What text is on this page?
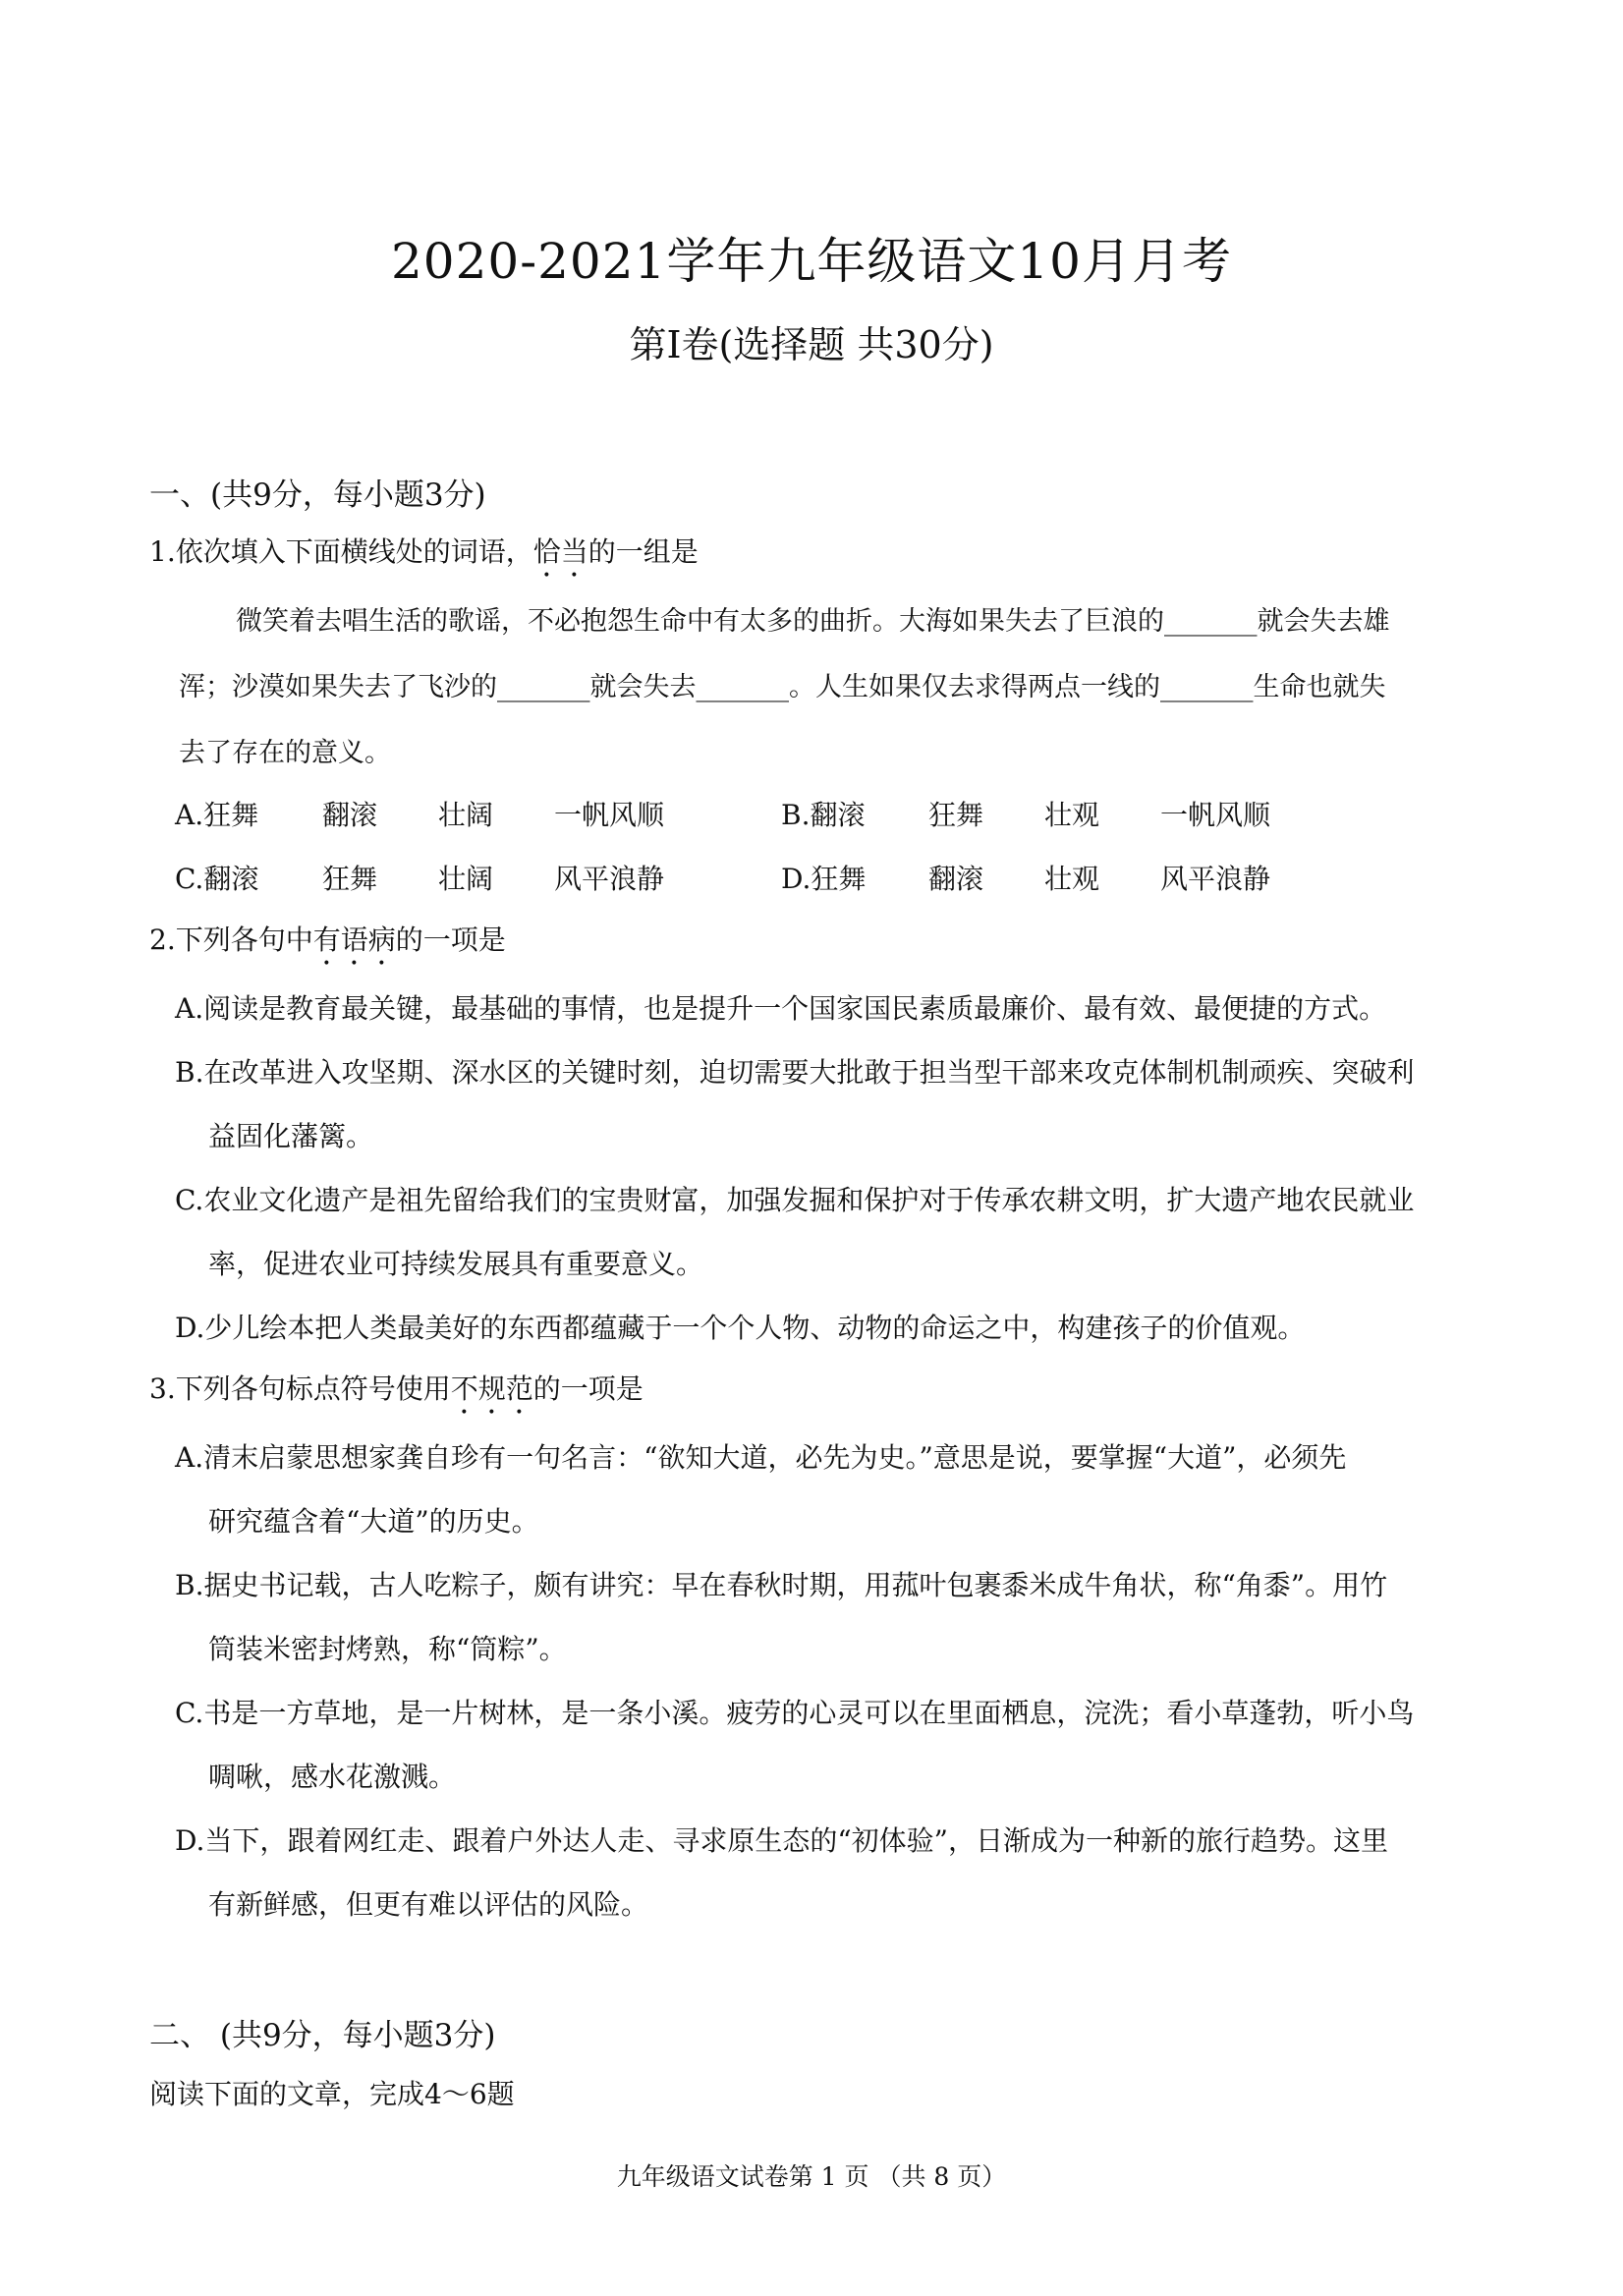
2020-2021学年九年级语文10月月考
第Ⅰ卷(选择题 共30分)
一、(共9分，每小题3分)
1.依次填入下面横线处的词语，恰当的一组是
微笑着去唱生活的歌谣，不必抱怨生命中有太多的曲折。大海如果失去了巨浪的_______就会失去雄
浑；沙漠如果失去了飞沙的_______就会失去_______。人生如果仅去求得两点一线的_______生命也就失
去了存在的意义。
A.狂舞 翻滚 壮阔 一帆风顺	B.翻滚 狂舞 壮观 一帆风顺
C.翻滚 狂舞 壮阔 风平浪静	D.狂舞 翻滚 壮观 风平浪静
2.下列各句中有语病的一项是
A.阅读是教育最关键，最基础的事情，也是提升一个国家国民素质最廉价、最有效、最便捷的方式。
B.在改革进入攻坚期、深水区的关键时刻，迫切需要大批敢于担当型干部来攻克体制机制顽疾、突破利
益固化藩篱。
C.农业文化遗产是祖先留给我们的宝贵财富，加强发掘和保护对于传承农耕文明，扩大遗产地农民就业
率，促进农业可持续发展具有重要意义。
D.少儿绘本把人类最美好的东西都蕴藏于一个个人物、动物的命运之中，构建孩子的价值观。
3.下列各句标点符号使用不规范的一项是
A.清末启蒙思想家龚自珍有一句名言：“欲知大道，必先为史。”意思是说，要掌握“大道”，必须先
研究蕴含着“大道”的历史。
B.据史书记载，古人吃粽子，颇有讲究：早在春秋时期，用菰叶包裹黍米成牛角状，称“角黍”。用竹
筒装米密封烤熟，称“筒粽”。
C.书是一方草地，是一片树林，是一条小溪。疲劳的心灵可以在里面栖息，浣洗；看小草蓬勃，听小鸟
啁啾，感水花激溅。
D.当下，跟着网红走、跟着户外达人走、寻求原生态的“初体验”，日渐成为一种新的旅行趋势。这里
有新鲜感，但更有难以评估的风险。
二、 (共9分，每小题3分)
阅读下面的文章，完成4～6题
九年级语文试卷第 1 页 （共 8 页）
